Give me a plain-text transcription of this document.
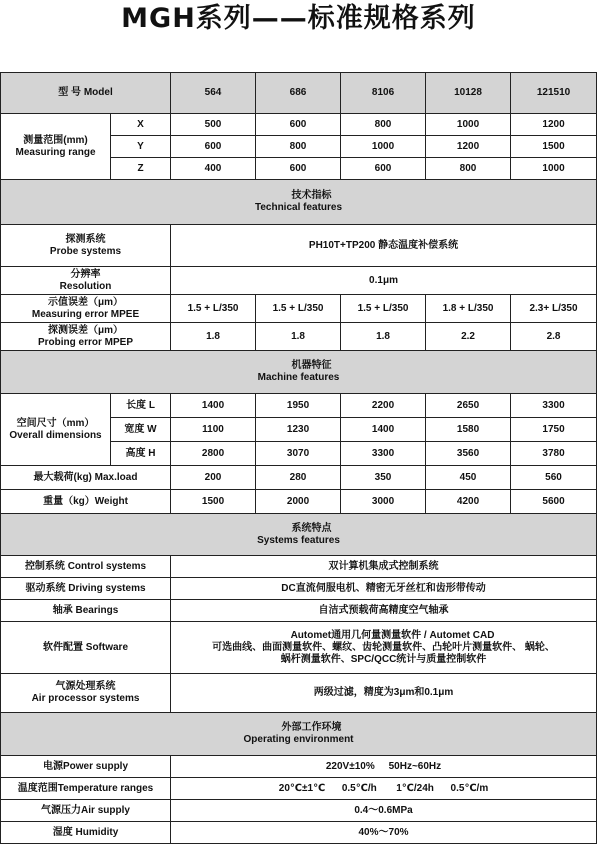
MGH系列——标准规格系列
型 号 Model		564	686	8106	10128	121510

测量范围(mm)
Measuring range	X	500	600	800	1000	1200
	Y	600	800	1000	1200	1500
	Z	400	600	600	800	1000

技术指标
Technical features						

探测系统
Probe systems		PH10T+TP200 静态温度补偿系统				

分辨率
Resolution		0.1μm				

示值误差（μm）
Measuring error MPEE		1.5 + L/350	1.5 + L/350	1.5 + L/350	1.8 + L/350	2.3+ L/350

探测误差（μm）
Probing error MPEP		1.8	1.8	1.8	2.2	2.8

机器特征
Machine features						

空间尺寸（mm）
Overall dimensions	长度 L	1400	1950	2200	2650	3300
	宽度 W	1100	1230	1400	1580	1750
	高度 H	2800	3070	3300	3560	3780
最大载荷(kg) Max.load		200	280	350	450	560
重量（kg）Weight		1500	2000	3000	4200	5600

系统特点
Systems features						
控制系统 Control systems		双计算机集成式控制系统				
驱动系统 Driving systems		DC直流伺服电机、精密无牙丝杠和齿形带传动				
轴承 Bearings		自洁式预载荷高精度空气轴承				
软件配置 Software		Automet通用几何量测量软件 / Automet CAD
可选曲线、曲面测量软件、螺纹、齿轮测量软件、凸轮叶片测量软件、 蜗轮、
蜗杆测量软件、SPC/QCC统计与质量控制软件				

气源处理系统
Air processor systems		两级过滤，精度为3μm和0.1μm				

外部工作环境
Operating environment						
电源Power supply		220V±10%     50Hz~60Hz				
温度范围Temperature ranges		20℃±1℃      0.5℃/h       1℃/24h      0.5℃/m				
气源压力Air supply		0.4～0.6MPa				
湿度 Humidity		40%～70%				
